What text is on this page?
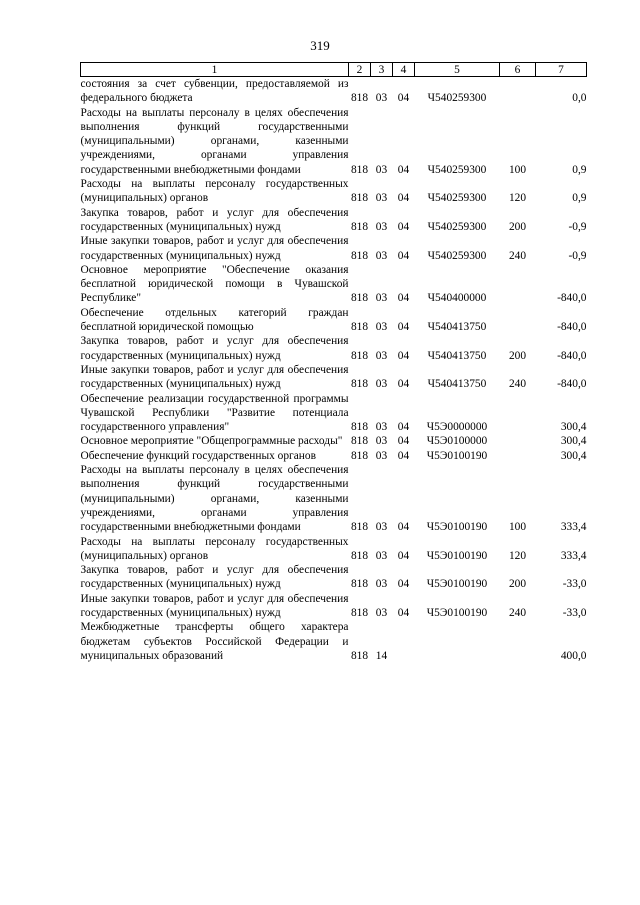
319
1	2	3	4	5	6	7
состояния за счет субвенции, предоставляемой из федерального бюджета	818	03	04	Ч540259300		0,0
Расходы на выплаты персоналу в целях обеспечения выполнения функций государственными (муниципальными) органами, казенными учреждениями, органами управления государственными внебюджетными фондами	818	03	04	Ч540259300	100	0,9
Расходы на выплаты персоналу государственных (муниципальных) органов	818	03	04	Ч540259300	120	0,9
Закупка товаров, работ и услуг для обеспечения государственных (муниципальных) нужд	818	03	04	Ч540259300	200	-0,9
Иные закупки товаров, работ и услуг для обеспечения государственных (муниципальных) нужд	818	03	04	Ч540259300	240	-0,9
Основное мероприятие "Обеспечение оказания бесплатной юридической помощи в Чувашской Республике"	818	03	04	Ч540400000		-840,0
Обеспечение отдельных категорий граждан бесплатной юридической помощью	818	03	04	Ч540413750		-840,0
Закупка товаров, работ и услуг для обеспечения государственных (муниципальных) нужд	818	03	04	Ч540413750	200	-840,0
Иные закупки товаров, работ и услуг для обеспечения государственных (муниципальных) нужд	818	03	04	Ч540413750	240	-840,0
Обеспечение реализации государственной программы Чувашской Республики "Развитие потенциала государственного управления"	818	03	04	Ч5Э0000000		300,4
Основное мероприятие "Общепрограммные расходы"	818	03	04	Ч5Э0100000		300,4
Обеспечение функций государственных органов	818	03	04	Ч5Э0100190		300,4
Расходы на выплаты персоналу в целях обеспечения выполнения функций государственными (муниципальными) органами, казенными учреждениями, органами управления государственными внебюджетными фондами	818	03	04	Ч5Э0100190	100	333,4
Расходы на выплаты персоналу государственных (муниципальных) органов	818	03	04	Ч5Э0100190	120	333,4
Закупка товаров, работ и услуг для обеспечения государственных (муниципальных) нужд	818	03	04	Ч5Э0100190	200	-33,0
Иные закупки товаров, работ и услуг для обеспечения государственных (муниципальных) нужд	818	03	04	Ч5Э0100190	240	-33,0
Межбюджетные трансферты общего характера бюджетам субъектов Российской Федерации и муниципальных образований	818	14				400,0
